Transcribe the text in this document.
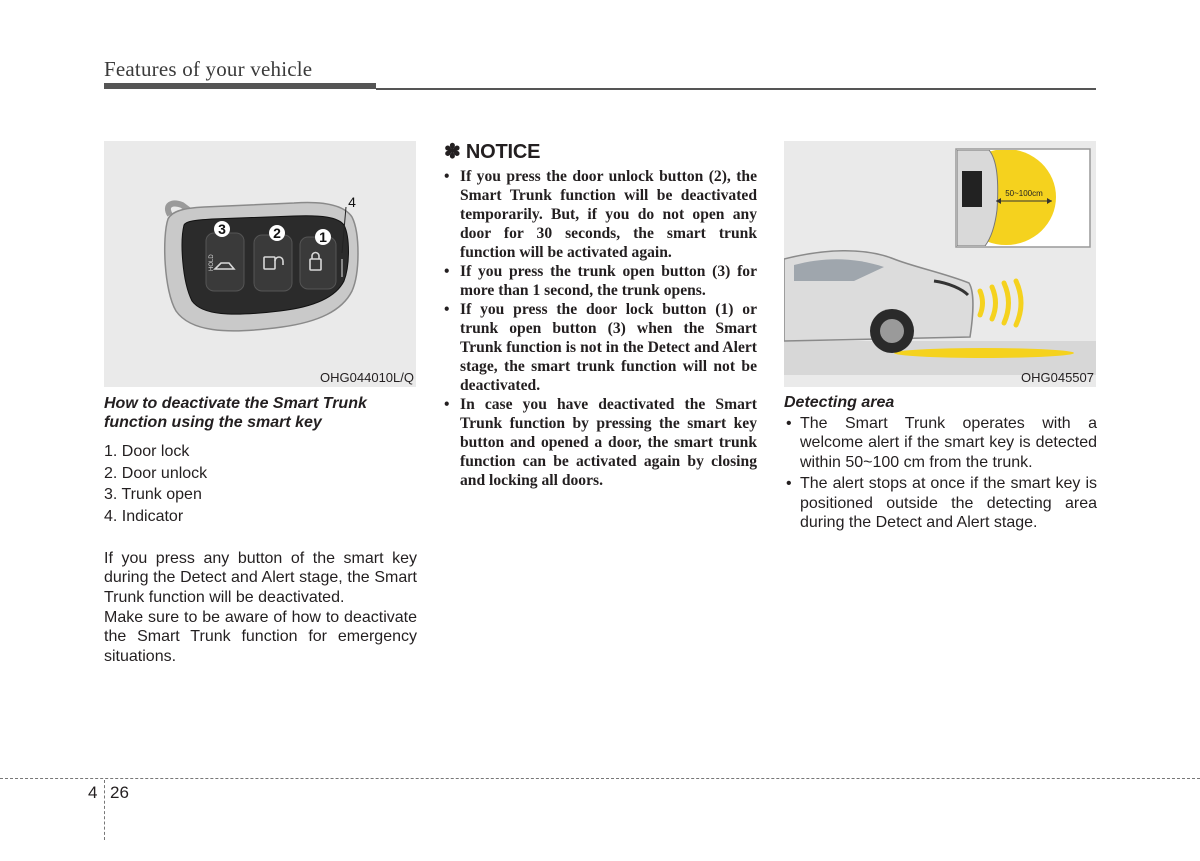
Features of your vehicle
HOLD
3	2	1
4
OHG044010L/Q
How to deactivate the Smart Trunk function using the smart key
1. Door lock
2. Door unlock
3. Trunk open
4. Indicator

If you press any button of the smart key during the Detect and Alert stage, the Smart Trunk function will be deactivated.

Make sure to be aware of how to deactivate the Smart Trunk function for emergency situations.

✽ NOTICE
• If you press the door unlock button (2), the Smart Trunk function will be deactivated temporarily. But, if you do not open any door for 30 seconds, the smart trunk function will be activated again.
• If you press the trunk open button (3) for more than 1 second, the trunk opens.
• If you press the door lock button (1) or trunk open button (3) when the Smart Trunk function is not in the Detect and Alert stage, the smart trunk function will not be deactivated.
• In case you have deactivated the Smart Trunk function by pressing the smart key button and opened a door, the smart trunk function can be activated again by closing and locking all doors.
50~100cm
OHG045507
Detecting area
• The Smart Trunk operates with a welcome alert if the smart key is detected within 50~100 cm from the trunk.
• The alert stops at once if the smart key is positioned outside the detecting area during the Detect and Alert stage.
4 26
